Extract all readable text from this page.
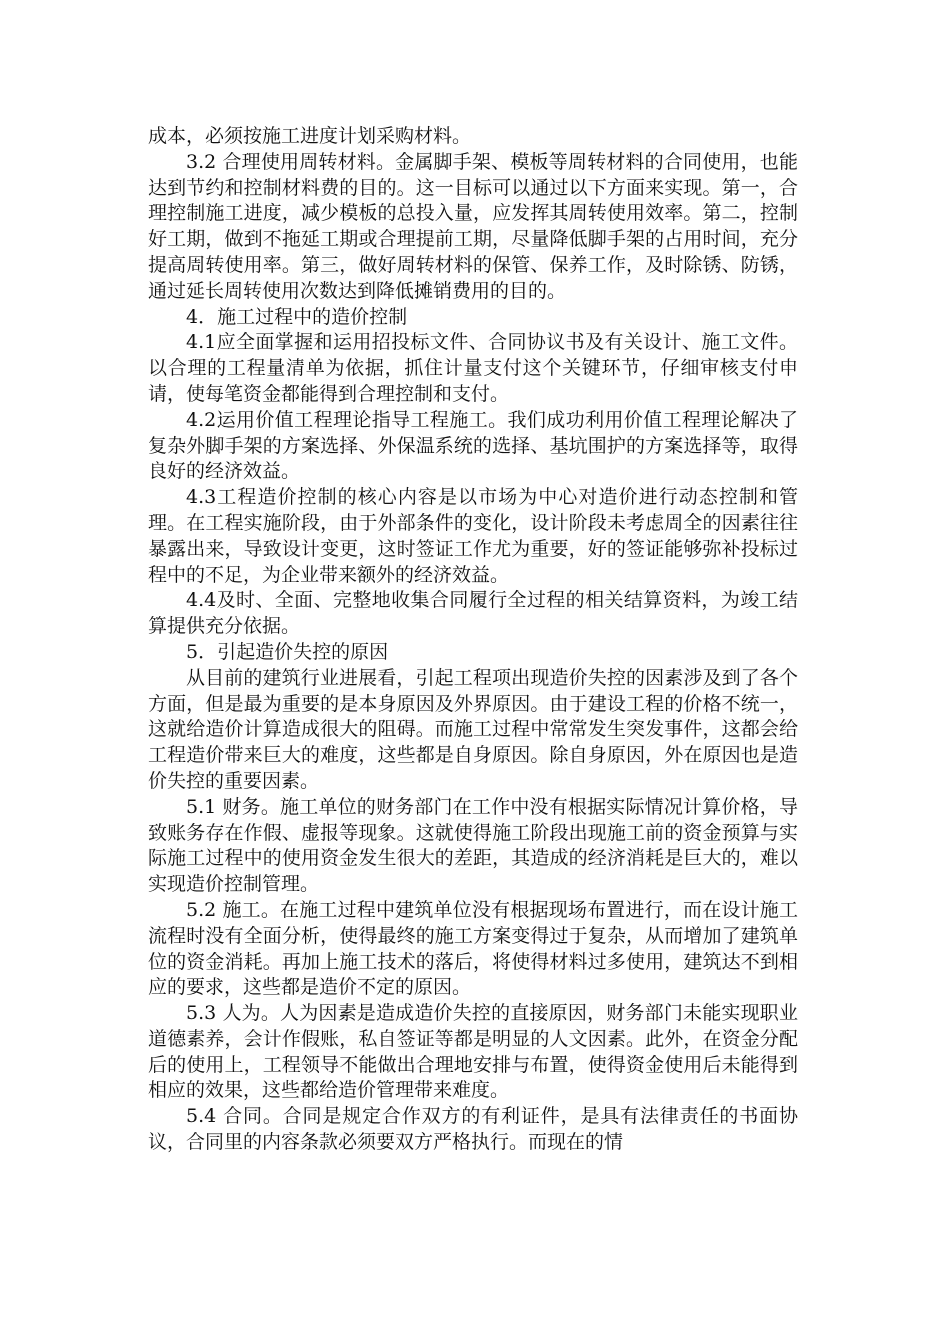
成本，必须按施工进度计划采购材料。

3.2 合理使用周转材料。金属脚手架、模板等周转材料的合同使用，也能达到节约和控制材料费的目的。这一目标可以通过以下方面来实现。第一，合理控制施工进度，减少模板的总投入量，应发挥其周转使用效率。第二，控制好工期，做到不拖延工期或合理提前工期，尽量降低脚手架的占用时间，充分提高周转使用率。第三，做好周转材料的保管、保养工作，及时除锈、防锈，通过延长周转使用次数达到降低摊销费用的目的。

4．施工过程中的造价控制

4.1应全面掌握和运用招投标文件、合同协议书及有关设计、施工文件。以合理的工程量清单为依据，抓住计量支付这个关键环节，仔细审核支付申请，使每笔资金都能得到合理控制和支付。

4.2运用价值工程理论指导工程施工。我们成功利用价值工程理论解决了复杂外脚手架的方案选择、外保温系统的选择、基坑围护的方案选择等，取得良好的经济效益。

4.3工程造价控制的核心内容是以市场为中心对造价进行动态控制和管理。在工程实施阶段，由于外部条件的变化，设计阶段未考虑周全的因素往往暴露出来，导致设计变更，这时签证工作尤为重要，好的签证能够弥补投标过程中的不足，为企业带来额外的经济效益。

4.4及时、全面、完整地收集合同履行全过程的相关结算资料，为竣工结算提供充分依据。

5．引起造价失控的原因

从目前的建筑行业进展看，引起工程项出现造价失控的因素涉及到了各个方面，但是最为重要的是本身原因及外界原因。由于建设工程的价格不统一，这就给造价计算造成很大的阻碍。而施工过程中常常发生突发事件，这都会给工程造价带来巨大的难度，这些都是自身原因。除自身原因，外在原因也是造价失控的重要因素。

5.1 财务。施工单位的财务部门在工作中没有根据实际情况计算价格，导致账务存在作假、虚报等现象。这就使得施工阶段出现施工前的资金预算与实际施工过程中的使用资金发生很大的差距，其造成的经济消耗是巨大的，难以实现造价控制管理。

5.2 施工。在施工过程中建筑单位没有根据现场布置进行，而在设计施工流程时没有全面分析，使得最终的施工方案变得过于复杂，从而增加了建筑单位的资金消耗。再加上施工技术的落后，将使得材料过多使用，建筑达不到相应的要求，这些都是造价不定的原因。

5.3 人为。人为因素是造成造价失控的直接原因，财务部门未能实现职业道德素养，会计作假账，私自签证等都是明显的人文因素。此外，在资金分配后的使用上，工程领导不能做出合理地安排与布置，使得资金使用后未能得到相应的效果，这些都给造价管理带来难度。

5.4 合同。合同是规定合作双方的有利证件，是具有法律责任的书面协议，合同里的内容条款必须要双方严格执行。而现在的情
